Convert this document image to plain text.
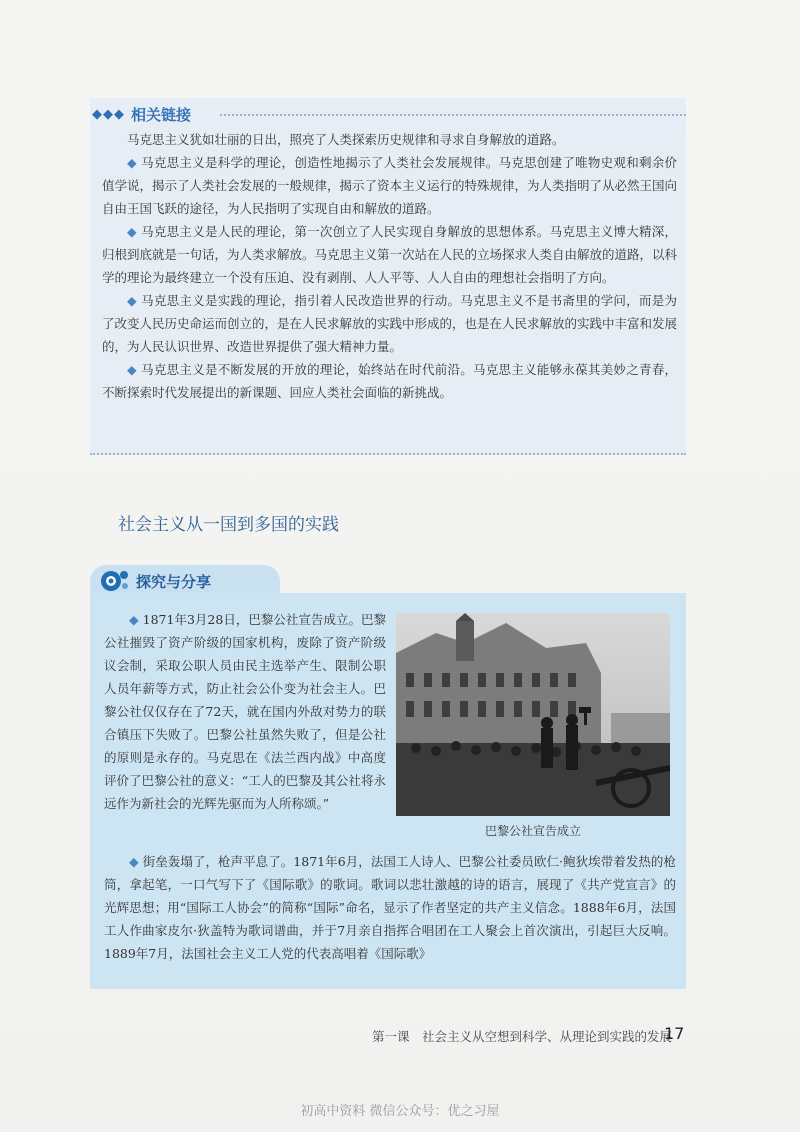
◆◆◆ 相关链接

马克思主义犹如壮丽的日出，照亮了人类探索历史规律和寻求自身解放的道路。

◆ 马克思主义是科学的理论，创造性地揭示了人类社会发展规律。马克思创建了唯物史观和剩余价值学说，揭示了人类社会发展的一般规律，揭示了资本主义运行的特殊规律，为人类指明了从必然王国向自由王国飞跃的途径，为人民指明了实现自由和解放的道路。

◆ 马克思主义是人民的理论，第一次创立了人民实现自身解放的思想体系。马克思主义博大精深，归根到底就是一句话，为人类求解放。马克思主义第一次站在人民的立场探求人类自由解放的道路，以科学的理论为最终建立一个没有压迫、没有剥削、人人平等、人人自由的理想社会指明了方向。

◆ 马克思主义是实践的理论，指引着人民改造世界的行动。马克思主义不是书斋里的学问，而是为了改变人民历史命运而创立的，是在人民求解放的实践中形成的，也是在人民求解放的实践中丰富和发展的，为人民认识世界、改造世界提供了强大精神力量。

◆ 马克思主义是不断发展的开放的理论，始终站在时代前沿。马克思主义能够永葆其美妙之青春，不断探索时代发展提出的新课题、回应人类社会面临的新挑战。

社会主义从一国到多国的实践
探究与分享

◆ 1871年3月28日，巴黎公社宣告成立。巴黎公社摧毁了资产阶级的国家机构，废除了资产阶级议会制，采取公职人员由民主选举产生、限制公职人员年薪等方式，防止社会公仆变为社会主人。巴黎公社仅仅存在了72天，就在国内外敌对势力的联合镇压下失败了。巴黎公社虽然失败了，但是公社的原则是永存的。马克思在《法兰西内战》中高度评价了巴黎公社的意义：“工人的巴黎及其公社将永远作为新社会的光辉先驱而为人所称颂。”

巴黎公社宣告成立

◆ 街垒轰塌了，枪声平息了。1871年6月，法国工人诗人、巴黎公社委员欧仁·鲍狄埃带着发热的枪筒，拿起笔，一口气写下了《国际歌》的歌词。歌词以悲壮激越的诗的语言，展现了《共产党宣言》的光辉思想；用“国际工人协会”的简称“国际”命名，显示了作者坚定的共产主义信念。1888年6月，法国工人作曲家皮尔·狄盖特为歌词谱曲，并于7月亲自指挥合唱团在工人聚会上首次演出，引起巨大反响。1889年7月，法国社会主义工人党的代表高唱着《国际歌》

第一课　社会主义从空想到科学、从理论到实践的发展
17
初高中资料 微信公众号：优之习屋
